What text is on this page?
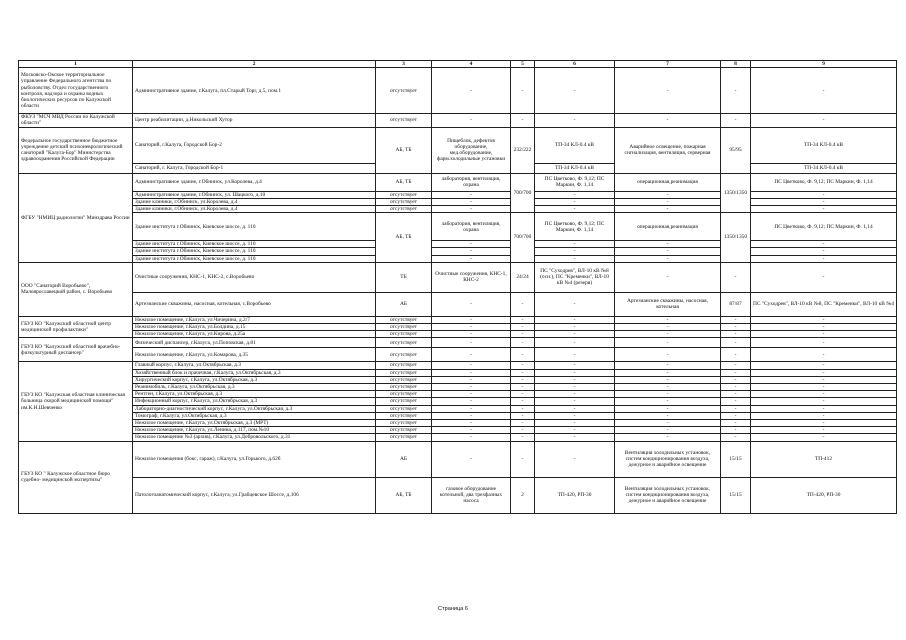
1	2	3	4	5	6	7	8	9
Московско-Окское территориальное управление Федерального агентства по рыболовству. Отдел государственного контроля, надзора и охраны водных биологических ресурсов по Калужской области	Административное здание, г.Калуга, пл.Старый Торг, д.5, пом.1	отсутствует	-	-	-	-	-	-
ФКУЗ "МСЧ МВД России по Калужской области"	Центр реабилитации, д.Никольский Хутор	отсутствует	-	-	-	-	-	-
Федеральное государственное бюджетное учреждение детский психоневрологический санаторий "Калуга-Бор" Министерства здравоохранения Российской Федерации	Санаторий, г.Калуга, Городской Бор-2	АБ, ТБ	Пищеблок, дефектов оборудование, мед.оборудование, фарм.холодильные установки	232/222	ТП-34 КЛ-0.4 кВ	Аварийное освещение, пожарная сигнализация, вентиляция, серверная	95/95	ТП-34 КЛ-0.4 кВ
	Санаторий, г. Калуга, Городской Бор-1				ТП-34 КЛ-0.4 кВ			ТП-34 КЛ-0.4 кВ
ФГБУ "НМИЦ радиологии" Минздрава России	Административное здание, г.Обнинск, ул.Королева, д.4	АБ, ТБ	лаборатория, вентиляция, охрана	700/700	ПС Цветково, Ф. 9,12; ПС Маркин, Ф. 1,14	операционная,реанимация	1350/1350	ПС Цветково, Ф. 9,12; ПС Маркин, Ф. 1,14
	Административное здание, г.Обнинск, ул. Шацкого, д.10	отсутствует	-		-	-		-
	Здание клиники, г.Обнинск, ул.Королева, д.4	отсутствует	-		-	-		-
	Здание клиники, г.Обнинск, ул.Королева, д.4	отсутствует	-		-	-		-
	Здание института г.Обнинск, Киевское шоссе, д. 110	АБ, ТБ	лаборатория, вентиляция, охрана	700/700	ПС Цветково, Ф. 9,12; ПС Маркин, Ф. 1,14	операционная,реанимация	1350/1350	ПС Цветково, Ф. 9,12; ПС Маркин, Ф. 1,14
	Здание института г.Обнинск, Киевское шоссе, д. 110		-		-	-		-
	Здание института г.Обнинск, Киевское шоссе, д. 110		-		-	-		-
	Здание института г.Обнинск, Киевское шоссе, д. 110		-		-	-		-
ООО "Санаторий Воробьево", Малоярославецкий район, с. Воробьево	Очистные сооружения, КНС-1, КНС-2, с.Воробьево	ТБ	Очистные сооружения, КНС-1, КНС-2	24/24	ПС "Суходрев", ВЛ-10 кВ №8 (осн.), ПС "Кременки", ВЛ-10 кВ №4 (резерв)	-	-	-
	Артезианские скважины, насосная, котельная, с.Воробьево	АБ	-	-	-	Артезианские скважины, насосная, котельная	87/87	ПС "Суходрев", ВЛ-10 кВ №8, ПС "Кременки", ВЛ-10 кВ №4
ГБУЗ КО "Калужский областной центр медицинской профилактики"	Нежилое помещение, г.Калуга, ул.Чичерина, д.2/7	отсутствует	-	-	-	-	-	-
	Нежилое помещение, г.Калуга, ул.Болдина, д.15	отсутствует	-	-	-	-	-	-
	Нежилое помещение, г.Калуга, ул.Кирова, д.25а	отсутствует	-	-	-	-	-	-
ГБУЗ КО "Калужский областной врачебно-физкультурный диспансер"	Физический диспансер, г.Калуга, ул.Поповская, д.81	отсутствует	-	-	-	-	-	-
	Нежилое помещение, г.Калуга, ул.Комарова, д.35	отсутствует	-	-	-	-	-	-
ГБУЗ КО "Калужская областная клиническая больница скорой медицинской помощи" им.К.Н.Шевченко	Главный корпус, г.Калуга, ул.Октябрьская, д.3	отсутствует	-	-	-	-	-	-
	Хозяйственный блок и прачечная, г.Калуга, ул.Октябрьская, д.3	отсутствует	-	-	-	-	-	-
	Хирургический корпус, г.Калуга, ул.Октябрьская, д.3	отсутствует	-	-	-	-	-	-
	Реанимобиль, г.Калуга, ул.Октябрьская, д.3	отсутствует	-	-	-	-	-	-
	Рентген, г.Калуга, ул.Октябрьская, д.3	отсутствует	-	-	-	-	-	-
	Инфекционный корпус, г.Калуга, ул.Октябрьская, д.3	отсутствует	-	-	-	-	-	-
	Лабораторно-диагностический корпус, г.Калуга, ул.Октябрьская, д.3	отсутствует	-	-	-	-	-	-
	Томограф, г.Калуга, ул.Октябрьская, д.3	отсутствует	-	-	-	-	-	-
	Нежилое помещение, г.Калуга, ул.Октябрьская, д.3 (МРТ)	отсутствует	-	-	-	-	-	-
	Нежилое помещение, г.Калуга, ул.Ленина, д.117, пом.№10	отсутствует	-	-	-	-	-	-
	Нежилое помещение №3 (архив), г.Калуга, ул.Добровольского, д.31	отсутствует	-	-	-	-	-	-
ГБУЗ КО " Калужское областное бюро судебно- медицинской экспертизы"	Нежилое помещения (бокс, гараж), г.Калуга, ул.Горького, д.62б	АБ	-	-	-	Вентиляция холодильных установок, систем кондиционирования воздуха, дежурное и аварийное освещение	15/15	ТП-412
	Патологоанатомический корпус, г.Калуга, ул.Грабцевское Шоссе, д.106	АБ, ТБ	газовое оборудование котельной, два трехфазных насоса	2	ТП-420, РП-30	Вентиляция холодильных установок, систем кондиционирования воздуха, дежурное и аварийное освещение	15/15	ТП-420, РП-30
Страница 6
